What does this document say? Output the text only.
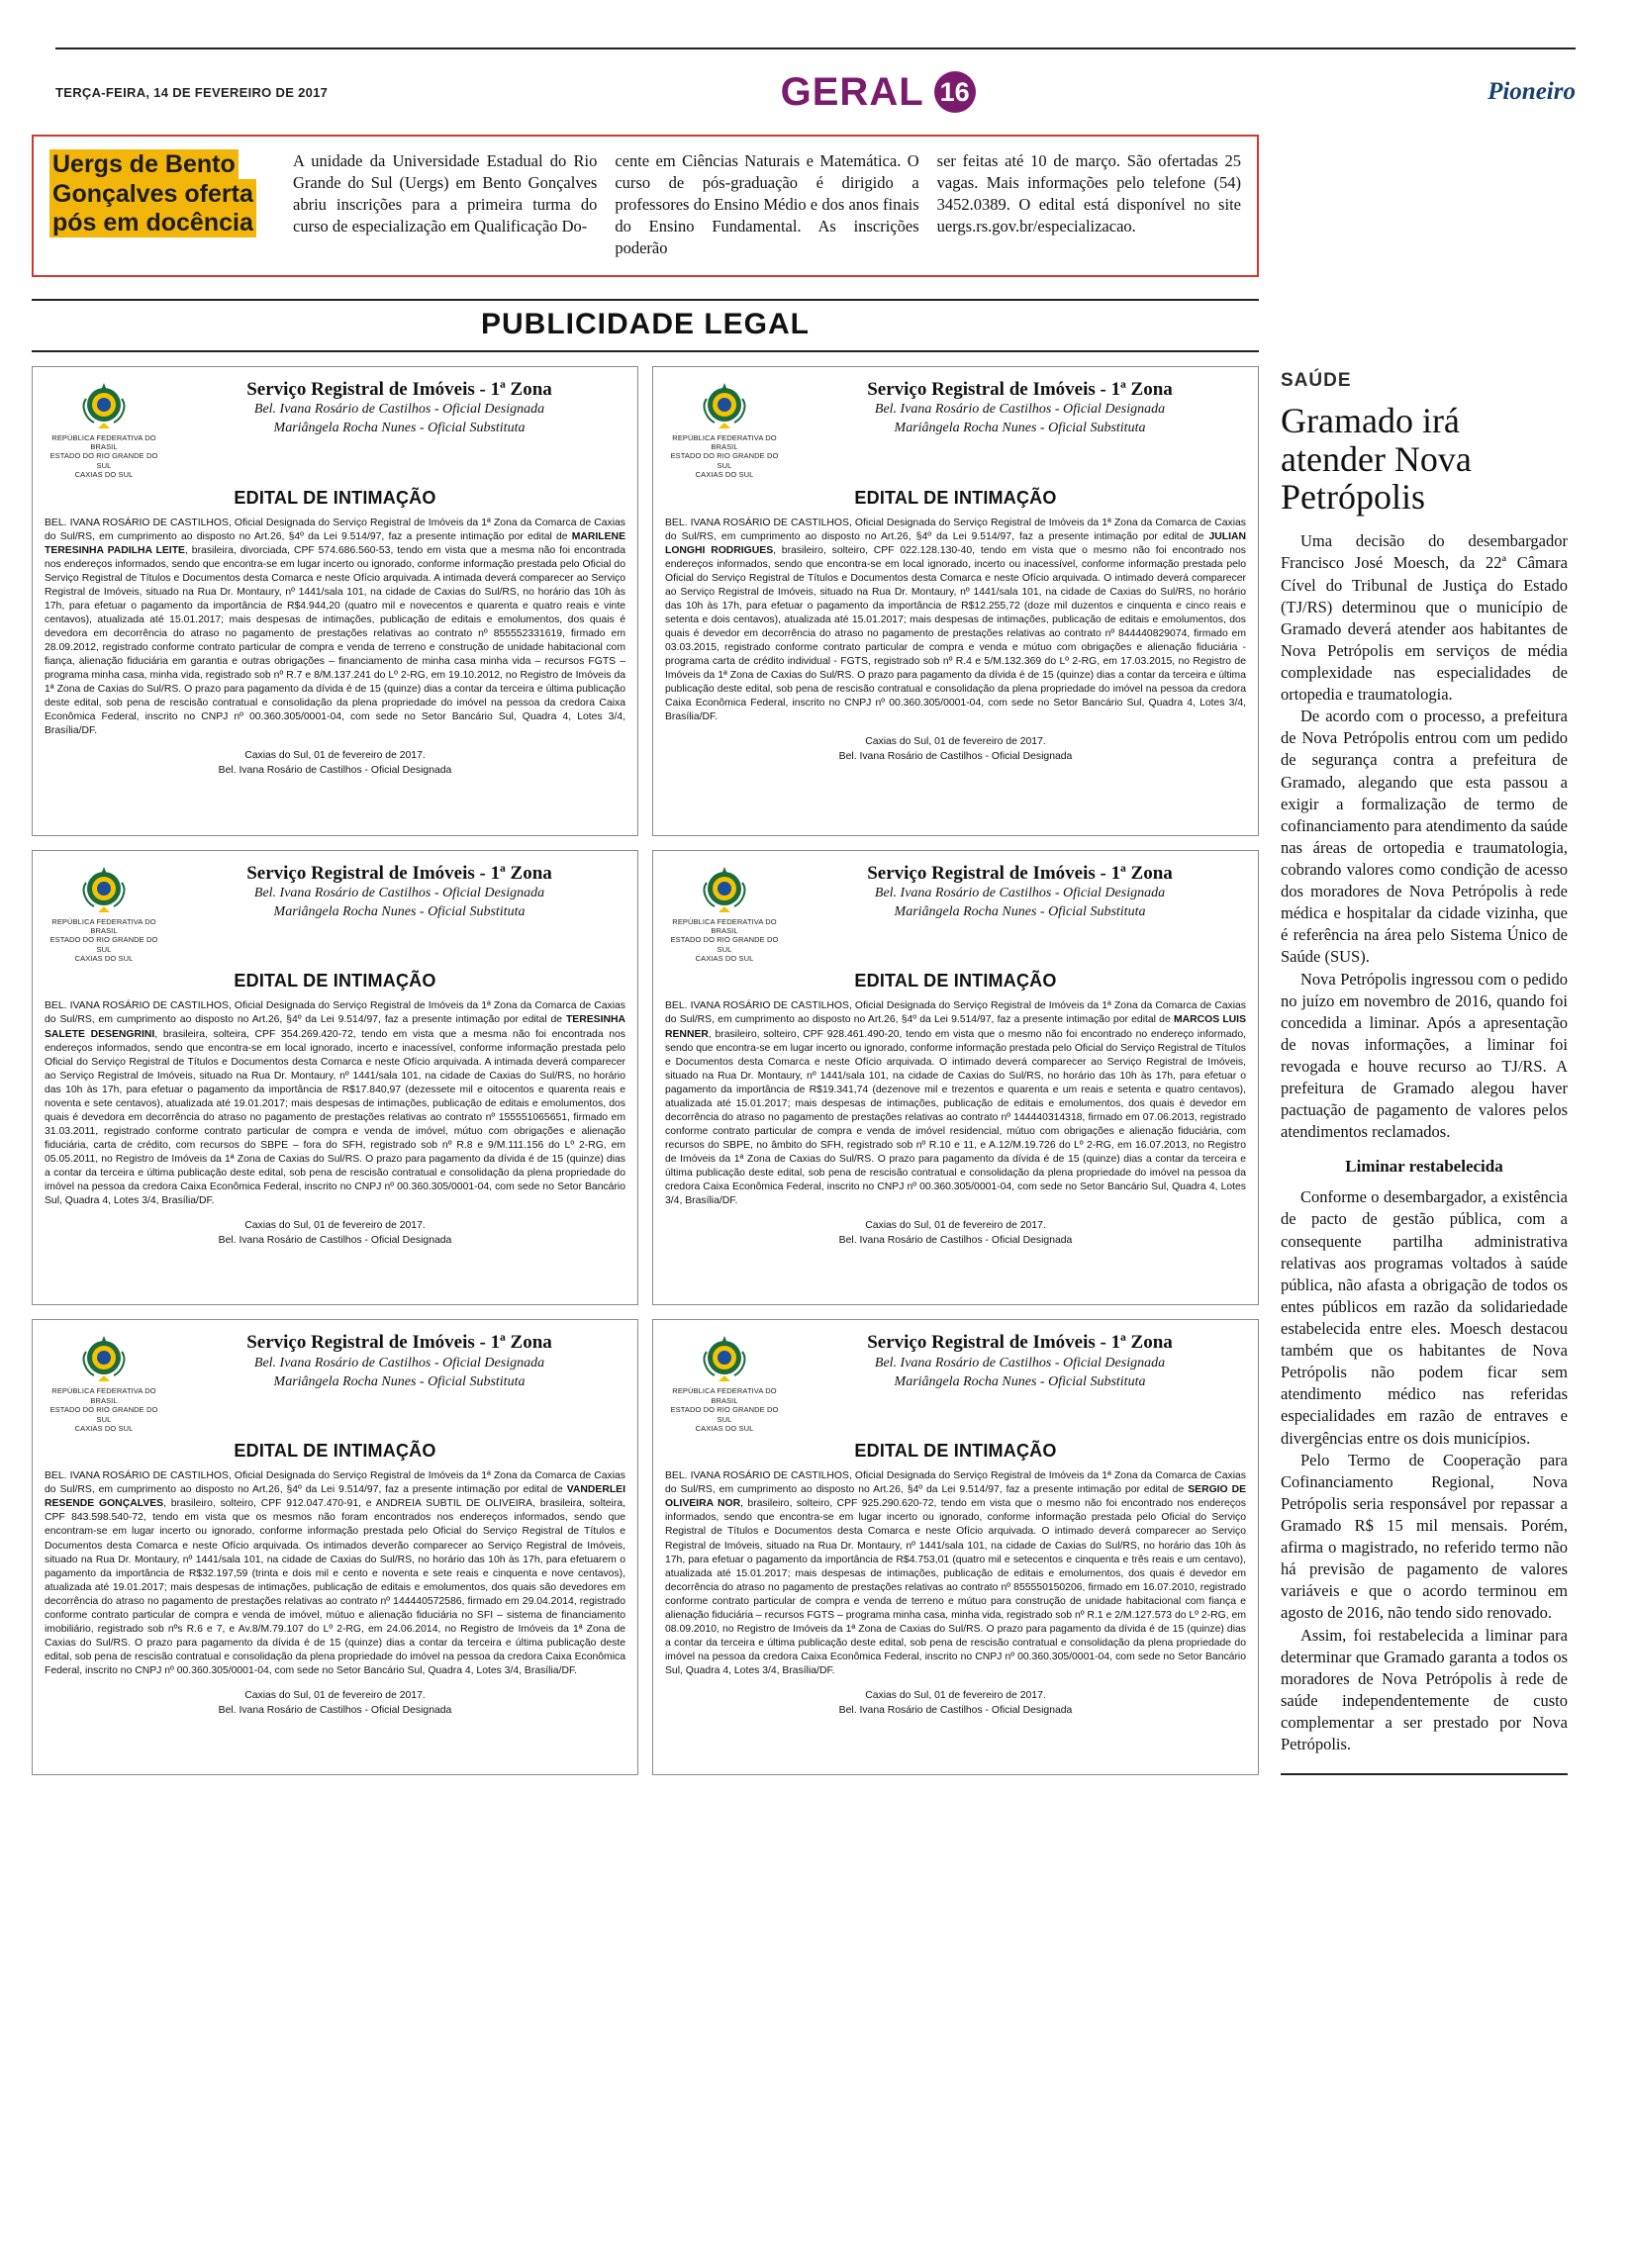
TERÇA-FEIRA, 14 DE FEVEREIRO DE 2017	GERAL 16	Pioneiro
Uergs de Bento
Gonçalves oferta
pós em docência

A unidade da Universidade Estadual do Rio Grande do Sul (Uergs) em Bento Gonçalves abriu inscrições para a primeira turma do curso de especialização em Qualificação Do-

cente em Ciências Naturais e Matemática. O curso de pós-graduação é dirigido a professores do Ensino Médio e dos anos finais do Ensino Fundamental. As inscrições poderão

ser feitas até 10 de março. São ofertadas 25 vagas. Mais informações pelo telefone (54) 3452.0389. O edital está disponível no site uergs.rs.gov.br/especializacao.

PUBLICIDADE LEGAL
REPÚBLICA FEDERATIVA DO BRASIL
ESTADO DO RIO GRANDE DO SUL
CAXIAS DO SUL
Serviço Registral de Imóveis - 1ª Zona
Bel. Ivana Rosário de Castilhos - Oficial Designada
Mariângela Rocha Nunes - Oficial Substituta
EDITAL DE INTIMAÇÃO
BEL. IVANA ROSÁRIO DE CASTILHOS, Oficial Designada do Serviço Registral de Imóveis da 1ª Zona da Comarca de Caxias do Sul/RS, em cumprimento ao disposto no Art.26, §4º da Lei 9.514/97, faz a presente intimação por edital de MARILENE TERESINHA PADILHA LEITE, brasileira, divorciada, CPF 574.686.560-53, tendo em vista que a mesma não foi encontrada nos endereços informados, sendo que encontra-se em lugar incerto ou ignorado, conforme informação prestada pelo Oficial do Serviço Registral de Títulos e Documentos desta Comarca e neste Ofício arquivada. A intimada deverá comparecer ao Serviço Registral de Imóveis, situado na Rua Dr. Montaury, nº 1441/sala 101, na cidade de Caxias do Sul/RS, no horário das 10h às 17h, para efetuar o pagamento da importância de R$4.944,20 (quatro mil e novecentos e quarenta e quatro reais e vinte centavos), atualizada até 15.01.2017; mais despesas de intimações, publicação de editais e emolumentos, dos quais é devedora em decorrência do atraso no pagamento de prestações relativas ao contrato nº 855552331619, firmado em 28.09.2012, registrado conforme contrato particular de compra e venda de terreno e construção de unidade habitacional com fiança, alienação fiduciária em garantia e outras obrigações – financiamento de minha casa minha vida – recursos FGTS – programa minha casa, minha vida, registrado sob nº R.7 e 8/M.137.241 do Lº 2-RG, em 19.10.2012, no Registro de Imóveis da 1ª Zona de Caxias do Sul/RS. O prazo para pagamento da dívida é de 15 (quinze) dias a contar da terceira e última publicação deste edital, sob pena de rescisão contratual e consolidação da plena propriedade do imóvel na pessoa da credora Caixa Econômica Federal, inscrito no CNPJ nº 00.360.305/0001-04, com sede no Setor Bancário Sul, Quadra 4, Lotes 3/4, Brasília/DF.
Caxias do Sul, 01 de fevereiro de 2017.
Bel. Ivana Rosário de Castilhos - Oficial Designada
REPÚBLICA FEDERATIVA DO BRASIL
ESTADO DO RIO GRANDE DO SUL
CAXIAS DO SUL
Serviço Registral de Imóveis - 1ª Zona
Bel. Ivana Rosário de Castilhos - Oficial Designada
Mariângela Rocha Nunes - Oficial Substituta
EDITAL DE INTIMAÇÃO
BEL. IVANA ROSÁRIO DE CASTILHOS, Oficial Designada do Serviço Registral de Imóveis da 1ª Zona da Comarca de Caxias do Sul/RS, em cumprimento ao disposto no Art.26, §4º da Lei 9.514/97, faz a presente intimação por edital de JULIAN LONGHI RODRIGUES, brasileiro, solteiro, CPF 022.128.130-40, tendo em vista que o mesmo não foi encontrado nos endereços informados, sendo que encontra-se em local ignorado, incerto ou inacessível, conforme informação prestada pelo Oficial do Serviço Registral de Títulos e Documentos desta Comarca e neste Ofício arquivada. O intimado deverá comparecer ao Serviço Registral de Imóveis, situado na Rua Dr. Montaury, nº 1441/sala 101, na cidade de Caxias do Sul/RS, no horário das 10h às 17h, para efetuar o pagamento da importância de R$12.255,72 (doze mil duzentos e cinquenta e cinco reais e setenta e dois centavos), atualizada até 15.01.2017; mais despesas de intimações, publicação de editais e emolumentos, dos quais é devedor em decorrência do atraso no pagamento de prestações relativas ao contrato nº 844440829074, firmado em 03.03.2015, registrado conforme contrato particular de compra e venda e mútuo com obrigações e alienação fiduciária - programa carta de crédito individual - FGTS, registrado sob nº R.4 e 5/M.132.369 do Lº 2-RG, em 17.03.2015, no Registro de Imóveis da 1ª Zona de Caxias do Sul/RS. O prazo para pagamento da dívida é de 15 (quinze) dias a contar da terceira e última publicação deste edital, sob pena de rescisão contratual e consolidação da plena propriedade do imóvel na pessoa da credora Caixa Econômica Federal, inscrito no CNPJ nº 00.360.305/0001-04, com sede no Setor Bancário Sul, Quadra 4, Lotes 3/4, Brasília/DF.
Caxias do Sul, 01 de fevereiro de 2017.
Bel. Ivana Rosário de Castilhos - Oficial Designada
REPÚBLICA FEDERATIVA DO BRASIL
ESTADO DO RIO GRANDE DO SUL
CAXIAS DO SUL
Serviço Registral de Imóveis - 1ª Zona
Bel. Ivana Rosário de Castilhos - Oficial Designada
Mariângela Rocha Nunes - Oficial Substituta
EDITAL DE INTIMAÇÃO
BEL. IVANA ROSÁRIO DE CASTILHOS, Oficial Designada do Serviço Registral de Imóveis da 1ª Zona da Comarca de Caxias do Sul/RS, em cumprimento ao disposto no Art.26, §4º da Lei 9.514/97, faz a presente intimação por edital de TERESINHA SALETE DESENGRINI, brasileira, solteira, CPF 354.269.420-72, tendo em vista que a mesma não foi encontrada nos endereços informados, sendo que encontra-se em local ignorado, incerto e inacessível, conforme informação prestada pelo Oficial do Serviço Registral de Títulos e Documentos desta Comarca e neste Ofício arquivada. A intimada deverá comparecer ao Serviço Registral de Imóveis, situado na Rua Dr. Montaury, nº 1441/sala 101, na cidade de Caxias do Sul/RS, no horário das 10h às 17h, para efetuar o pagamento da importância de R$17.840,97 (dezessete mil e oitocentos e quarenta reais e noventa e sete centavos), atualizada até 19.01.2017; mais despesas de intimações, publicação de editais e emolumentos, dos quais é devedora em decorrência do atraso no pagamento de prestações relativas ao contrato nº 155551065651, firmado em 31.03.2011, registrado conforme contrato particular de compra e venda de imóvel, mútuo com obrigações e alienação fiduciária, carta de crédito, com recursos do SBPE – fora do SFH, registrado sob nº R.8 e 9/M.111.156 do Lº 2-RG, em 05.05.2011, no Registro de Imóveis da 1ª Zona de Caxias do Sul/RS. O prazo para pagamento da dívida é de 15 (quinze) dias a contar da terceira e última publicação deste edital, sob pena de rescisão contratual e consolidação da plena propriedade do imóvel na pessoa da credora Caixa Econômica Federal, inscrito no CNPJ nº 00.360.305/0001-04, com sede no Setor Bancário Sul, Quadra 4, Lotes 3/4, Brasília/DF.
Caxias do Sul, 01 de fevereiro de 2017.
Bel. Ivana Rosário de Castilhos - Oficial Designada
REPÚBLICA FEDERATIVA DO BRASIL
ESTADO DO RIO GRANDE DO SUL
CAXIAS DO SUL
Serviço Registral de Imóveis - 1ª Zona
Bel. Ivana Rosário de Castilhos - Oficial Designada
Mariângela Rocha Nunes - Oficial Substituta
EDITAL DE INTIMAÇÃO
BEL. IVANA ROSÁRIO DE CASTILHOS, Oficial Designada do Serviço Registral de Imóveis da 1ª Zona da Comarca de Caxias do Sul/RS, em cumprimento ao disposto no Art.26, §4º da Lei 9.514/97, faz a presente intimação por edital de MARCOS LUIS RENNER, brasileiro, solteiro, CPF 928.461.490-20, tendo em vista que o mesmo não foi encontrado no endereço informado, sendo que encontra-se em lugar incerto ou ignorado, conforme informação prestada pelo Oficial do Serviço Registral de Títulos e Documentos desta Comarca e neste Ofício arquivada. O intimado deverá comparecer ao Serviço Registral de Imóveis, situado na Rua Dr. Montaury, nº 1441/sala 101, na cidade de Caxias do Sul/RS, no horário das 10h às 17h, para efetuar o pagamento da importância de R$19.341,74 (dezenove mil e trezentos e quarenta e um reais e setenta e quatro centavos), atualizada até 15.01.2017; mais despesas de intimações, publicação de editais e emolumentos, dos quais é devedor em decorrência do atraso no pagamento de prestações relativas ao contrato nº 144440314318, firmado em 07.06.2013, registrado conforme contrato particular de compra e venda de imóvel residencial, mútuo com obrigações e alienação fiduciária, com recursos do SBPE, no âmbito do SFH, registrado sob nº R.10 e 11, e A.12/M.19.726 do Lº 2-RG, em 16.07.2013, no Registro de Imóveis da 1ª Zona de Caxias do Sul/RS. O prazo para pagamento da dívida é de 15 (quinze) dias a contar da terceira e última publicação deste edital, sob pena de rescisão contratual e consolidação da plena propriedade do imóvel na pessoa da credora Caixa Econômica Federal, inscrito no CNPJ nº 00.360.305/0001-04, com sede no Setor Bancário Sul, Quadra 4, Lotes 3/4, Brasília/DF.
Caxias do Sul, 01 de fevereiro de 2017.
Bel. Ivana Rosário de Castilhos - Oficial Designada
REPÚBLICA FEDERATIVA DO BRASIL
ESTADO DO RIO GRANDE DO SUL
CAXIAS DO SUL
Serviço Registral de Imóveis - 1ª Zona
Bel. Ivana Rosário de Castilhos - Oficial Designada
Mariângela Rocha Nunes - Oficial Substituta
EDITAL DE INTIMAÇÃO
BEL. IVANA ROSÁRIO DE CASTILHOS, Oficial Designada do Serviço Registral de Imóveis da 1ª Zona da Comarca de Caxias do Sul/RS, em cumprimento ao disposto no Art.26, §4º da Lei 9.514/97, faz a presente intimação por edital de VANDERLEI RESENDE GONÇALVES, brasileiro, solteiro, CPF 912.047.470-91, e ANDREIA SUBTIL DE OLIVEIRA, brasileira, solteira, CPF 843.598.540-72, tendo em vista que os mesmos não foram encontrados nos endereços informados, sendo que encontram-se em lugar incerto ou ignorado, conforme informação prestada pelo Oficial do Serviço Registral de Títulos e Documentos desta Comarca e neste Ofício arquivada. Os intimados deverão comparecer ao Serviço Registral de Imóveis, situado na Rua Dr. Montaury, nº 1441/sala 101, na cidade de Caxias do Sul/RS, no horário das 10h às 17h, para efetuarem o pagamento da importância de R$32.197,59 (trinta e dois mil e cento e noventa e sete reais e cinquenta e nove centavos), atualizada até 19.01.2017; mais despesas de intimações, publicação de editais e emolumentos, dos quais são devedores em decorrência do atraso no pagamento de prestações relativas ao contrato nº 144440572586, firmado em 29.04.2014, registrado conforme contrato particular de compra e venda de imóvel, mútuo e alienação fiduciária no SFI – sistema de financiamento imobiliário, registrado sob nºs R.6 e 7, e Av.8/M.79.107 do Lº 2-RG, em 24.06.2014, no Registro de Imóveis da 1ª Zona de Caxias do Sul/RS. O prazo para pagamento da dívida é de 15 (quinze) dias a contar da terceira e última publicação deste edital, sob pena de rescisão contratual e consolidação da plena propriedade do imóvel na pessoa da credora Caixa Econômica Federal, inscrito no CNPJ nº 00.360.305/0001-04, com sede no Setor Bancário Sul, Quadra 4, Lotes 3/4, Brasília/DF.
Caxias do Sul, 01 de fevereiro de 2017.
Bel. Ivana Rosário de Castilhos - Oficial Designada
REPÚBLICA FEDERATIVA DO BRASIL
ESTADO DO RIO GRANDE DO SUL
CAXIAS DO SUL
Serviço Registral de Imóveis - 1ª Zona
Bel. Ivana Rosário de Castilhos - Oficial Designada
Mariângela Rocha Nunes - Oficial Substituta
EDITAL DE INTIMAÇÃO
BEL. IVANA ROSÁRIO DE CASTILHOS, Oficial Designada do Serviço Registral de Imóveis da 1ª Zona da Comarca de Caxias do Sul/RS, em cumprimento ao disposto no Art.26, §4º da Lei 9.514/97, faz a presente intimação por edital de SERGIO DE OLIVEIRA NOR, brasileiro, solteiro, CPF 925.290.620-72, tendo em vista que o mesmo não foi encontrado nos endereços informados, sendo que encontra-se em lugar incerto ou ignorado, conforme informação prestada pelo Oficial do Serviço Registral de Títulos e Documentos desta Comarca e neste Ofício arquivada. O intimado deverá comparecer ao Serviço Registral de Imóveis, situado na Rua Dr. Montaury, nº 1441/sala 101, na cidade de Caxias do Sul/RS, no horário das 10h às 17h, para efetuar o pagamento da importância de R$4.753,01 (quatro mil e setecentos e cinquenta e três reais e um centavo), atualizada até 15.01.2017; mais despesas de intimações, publicação de editais e emolumentos, dos quais é devedor em decorrência do atraso no pagamento de prestações relativas ao contrato nº 855550150206, firmado em 16.07.2010, registrado conforme contrato particular de compra e venda de terreno e mútuo para construção de unidade habitacional com fiança e alienação fiduciária – recursos FGTS – programa minha casa, minha vida, registrado sob nº R.1 e 2/M.127.573 do Lº 2-RG, em 08.09.2010, no Registro de Imóveis da 1ª Zona de Caxias do Sul/RS. O prazo para pagamento da dívida é de 15 (quinze) dias a contar da terceira e última publicação deste edital, sob pena de rescisão contratual e consolidação da plena propriedade do imóvel na pessoa da credora Caixa Econômica Federal, inscrito no CNPJ nº 00.360.305/0001-04, com sede no Setor Bancário Sul, Quadra 4, Lotes 3/4, Brasília/DF.
Caxias do Sul, 01 de fevereiro de 2017.
Bel. Ivana Rosário de Castilhos - Oficial Designada
SAÚDE
Gramado irá atender Nova Petrópolis

Uma decisão do desembargador Francisco José Moesch, da 22ª Câmara Cível do Tribunal de Justiça do Estado (TJ/RS) determinou que o município de Gramado deverá atender aos habitantes de Nova Petrópolis em serviços de média complexidade nas especialidades de ortopedia e traumatologia.

De acordo com o processo, a prefeitura de Nova Petrópolis entrou com um pedido de segurança contra a prefeitura de Gramado, alegando que esta passou a exigir a formalização de termo de cofinanciamento para atendimento da saúde nas áreas de ortopedia e traumatologia, cobrando valores como condição de acesso dos moradores de Nova Petrópolis à rede médica e hospitalar da cidade vizinha, que é referência na área pelo Sistema Único de Saúde (SUS).

Nova Petrópolis ingressou com o pedido no juízo em novembro de 2016, quando foi concedida a liminar. Após a apresentação de novas informações, a liminar foi revogada e houve recurso ao TJ/RS. A prefeitura de Gramado alegou haver pactuação de pagamento de valores pelos atendimentos reclamados.

Liminar restabelecida

Conforme o desembargador, a existência de pacto de gestão pública, com a consequente partilha administrativa relativas aos programas voltados à saúde pública, não afasta a obrigação de todos os entes públicos em razão da solidariedade estabelecida entre eles. Moesch destacou também que os habitantes de Nova Petrópolis não podem ficar sem atendimento médico nas referidas especialidades em razão de entraves e divergências entre os dois municípios.

Pelo Termo de Cooperação para Cofinanciamento Regional, Nova Petrópolis seria responsável por repassar a Gramado R$ 15 mil mensais. Porém, afirma o magistrado, no referido termo não há previsão de pagamento de valores variáveis e que o acordo terminou em agosto de 2016, não tendo sido renovado.

Assim, foi restabelecida a liminar para determinar que Gramado garanta a todos os moradores de Nova Petrópolis à rede de saúde independentemente de custo complementar a ser prestado por Nova Petrópolis.
